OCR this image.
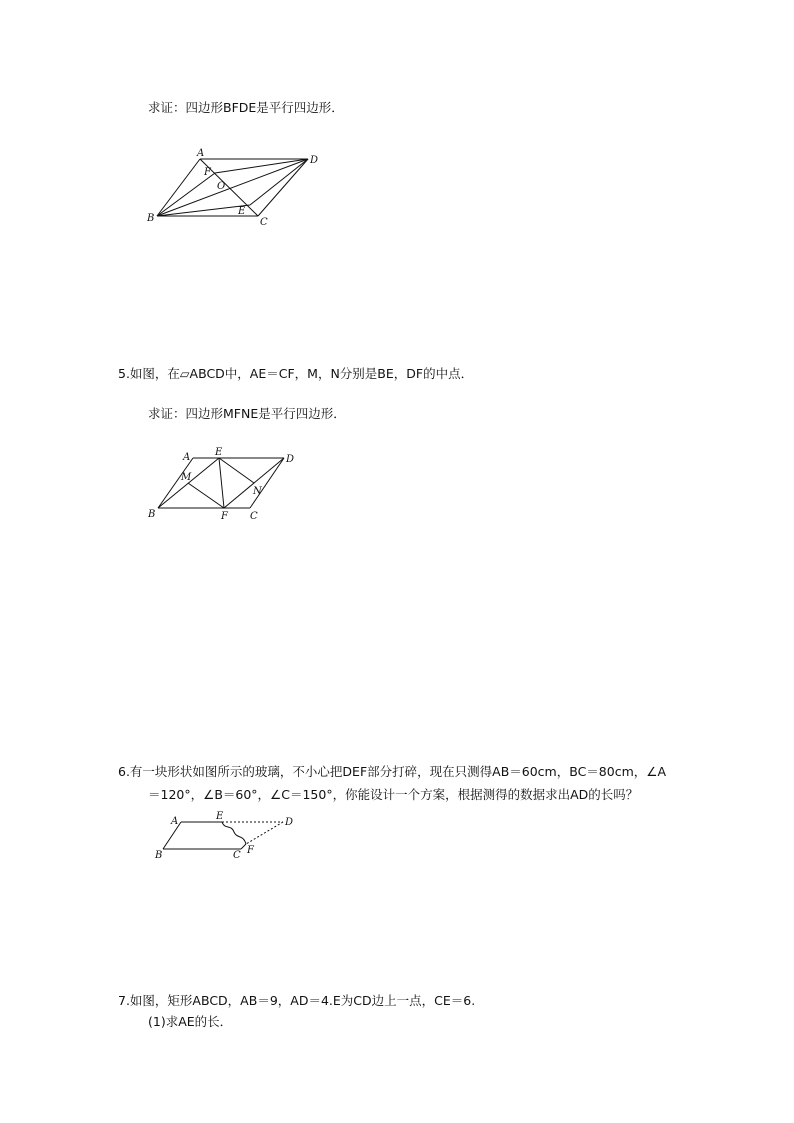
求证：四边形BFDE是平行四边形．
A
D
F
O
E
B	C
5.如图，在▱ABCD中，AE＝CF，M，N分别是BE，DF的中点．
求证：四边形MFNE是平行四边形．
A E
D
M
N
B	F C
6.有一块形状如图所示的玻璃，不小心把DEF部分打碎，现在只测得AB＝60cm，BC＝80cm，∠A
＝120°，∠B＝60°，∠C＝150°，你能设计一个方案，根据测得的数据求出AD的长吗？
A	E
D
B	C F
7.如图，矩形ABCD，AB＝9，AD＝4.E为CD边上一点，CE＝6.
(1)求AE的长．
